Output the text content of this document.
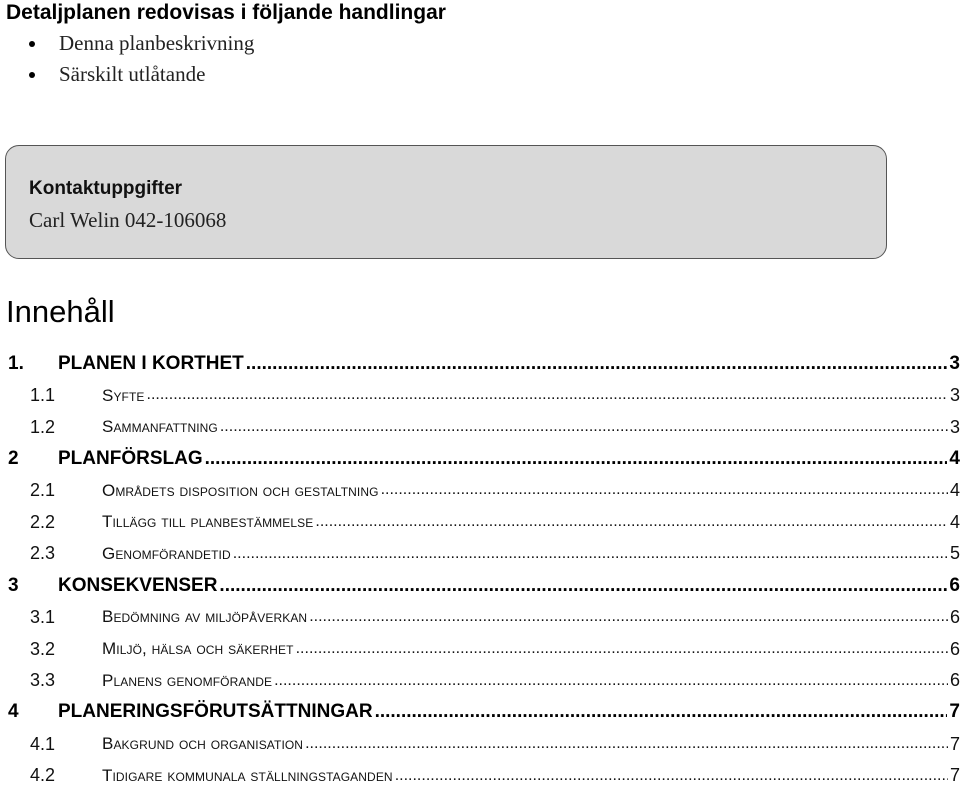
Detaljplanen redovisas i följande handlingar
Denna planbeskrivning
Särskilt utlåtande
Kontaktuppgifter
Carl Welin 042-106068
Innehåll
1.	PLANEN I KORTHET .....	3
1.1	Syfte .....	3
1.2	Sammanfattning .....	3
2	PLANFÖRSLAG .....	4
2.1	Områdets disposition och gestaltning .....	4
2.2	Tillägg till planbestämmelse .....	4
2.3	Genomförandetid .....	5
3	KONSEKVENSER .....	6
3.1	Bedömning av miljöpåverkan .....	6
3.2	Miljö, hälsa och säkerhet .....	6
3.3	Planens genomförande .....	6
4	PLANERINGSFÖRUTSÄTTNINGAR .....	7
4.1	Bakgrund och organisation .....	7
4.2	Tidigare kommunala ställningstaganden .....	7
